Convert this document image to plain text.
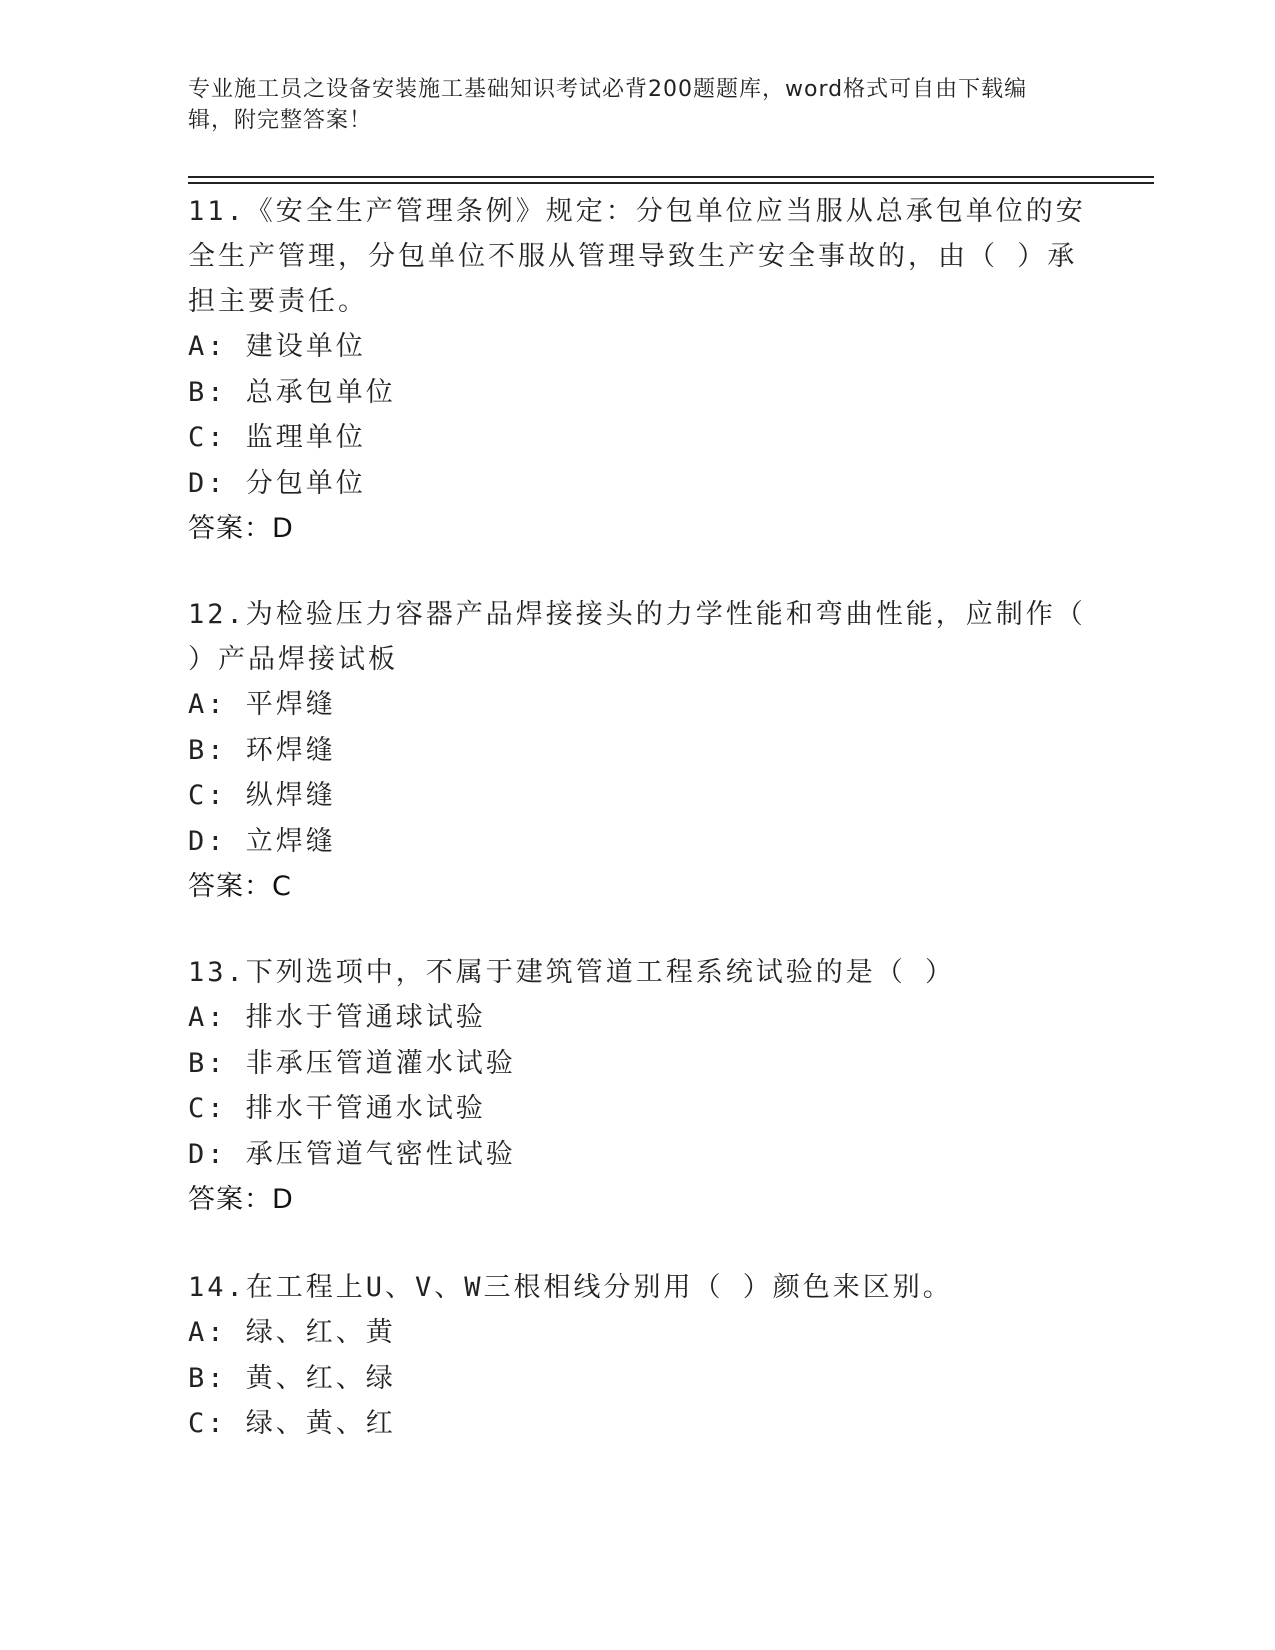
专业施工员之设备安装施工基础知识考试必背200题题库，word格式可自由下载编辑，附完整答案！
11.《安全生产管理条例》规定：分包单位应当服从总承包单位的安全生产管理，分包单位不服从管理导致生产安全事故的，由（ ）承担主要责任。
A: 建设单位
B: 总承包单位
C: 监理单位
D: 分包单位
答案：D
12.为检验压力容器产品焊接接头的力学性能和弯曲性能，应制作（ ）产品焊接试板
A: 平焊缝
B: 环焊缝
C: 纵焊缝
D: 立焊缝
答案：C
13.下列选项中，不属于建筑管道工程系统试验的是（ ）
A: 排水于管通球试验
B: 非承压管道灌水试验
C: 排水干管通水试验
D: 承压管道气密性试验
答案：D
14.在工程上U、V、W三根相线分别用（ ）颜色来区别。
A: 绿、红、黄
B: 黄、红、绿
C: 绿、黄、红
